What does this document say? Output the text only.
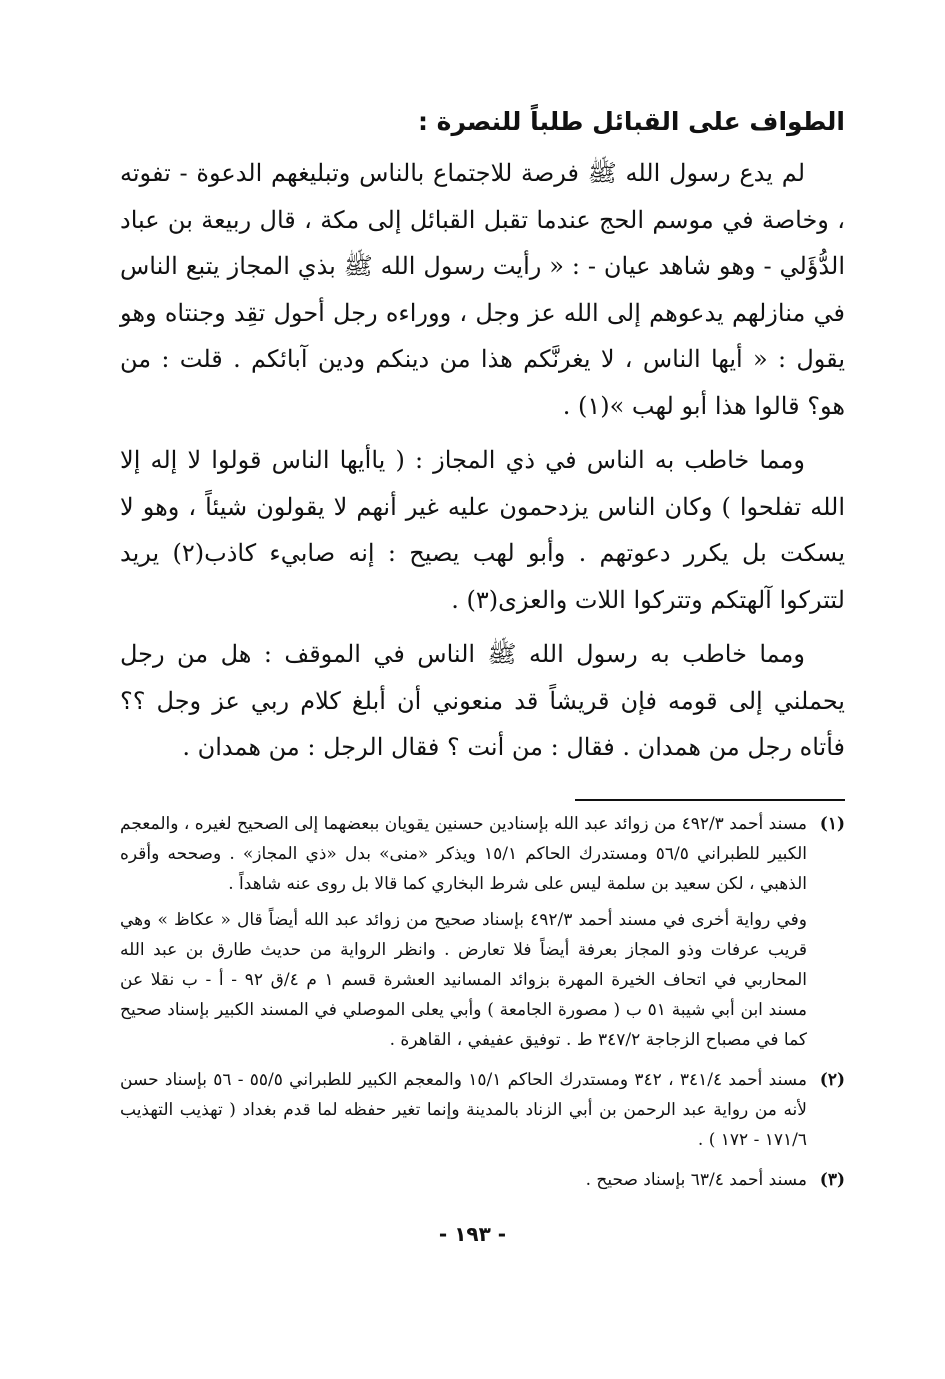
الطواف على القبائل طلباً للنصرة :

لم يدع رسول الله ﷺ فرصة للاجتماع بالناس وتبليغهم الدعوة - تفوته ، وخاصة في موسم الحج عندما تقبل القبائل إلى مكة ، قال ربيعة بن عباد الدُّؤَلي - وهو شاهد عيان - : « رأيت رسول الله ﷺ بذي المجاز يتبع الناس في منازلهم يدعوهم إلى الله عز وجل ، ووراءه رجل أحول تقِد وجنتاه وهو يقول : « أيها الناس ، لا يغرنَّكم هذا من دينكم ودين آبائكم . قلت : من هو؟ قالوا هذا أبو لهب »(١) .

ومما خاطب به الناس في ذي المجاز : ( ياأيها الناس قولوا لا إله إلا الله تفلحوا ) وكان الناس يزدحمون عليه غير أنهم لا يقولون شيئاً ، وهو لا يسكت بل يكرر دعوتهم . وأبو لهب يصيح : إنه صابيء كاذب(٢) يريد لتتركوا آلهتكم وتتركوا اللات والعزى(٣) .

ومما خاطب به رسول الله ﷺ الناس في الموقف : هل من رجل يحملني إلى قومه فإن قريشاً قد منعوني أن أبلغ كلام ربي عز وجل ؟؟ فأتاه رجل من همدان . فقال : من أنت ؟ فقال الرجل : من همدان .

(١)

مسند أحمد ٤٩٢/٣ من زوائد عبد الله بإسنادين حسنين يقويان ببعضهما إلى الصحيح لغيره ، والمعجم الكبير للطبراني ٥٦/٥ ومستدرك الحاكم ١٥/١ ويذكر «منى» بدل «ذي المجاز» . وصححه وأقره الذهبي ، لكن سعيد بن سلمة ليس على شرط البخاري كما قالا بل روى عنه شاهداً .

وفي رواية أخرى في مسند أحمد ٤٩٢/٣ بإسناد صحيح من زوائد عبد الله أيضاً قال « عكاظ » وهي قريب عرفات وذو المجاز بعرفة أيضاً فلا تعارض . وانظر الرواية من حديث طارق بن عبد الله المحاربي في اتحاف الخيرة المهرة بزوائد المسانيد العشرة قسم ١ م ٤/ق ٩٢ - أ - ب نقلا عن مسند ابن أبي شيبة ٥١ ب ( مصورة الجامعة ) وأبي يعلى الموصلي في المسند الكبير بإسناد صحيح كما في مصباح الزجاجة ٣٤٧/٢ ط . توفيق عفيفي ، القاهرة .

(٢)

مسند أحمد ٣٤١/٤ ، ٣٤٢ ومستدرك الحاكم ١٥/١ والمعجم الكبير للطبراني ٥٥/٥ - ٥٦ بإسناد حسن لأنه من رواية عبد الرحمن بن أبي الزناد بالمدينة وإنما تغير حفظه لما قدم بغداد ( تهذيب التهذيب ١٧١/٦ - ١٧٢ ) .

(٣)

مسند أحمد ٦٣/٤ بإسناد صحيح .

- ١٩٣ -
